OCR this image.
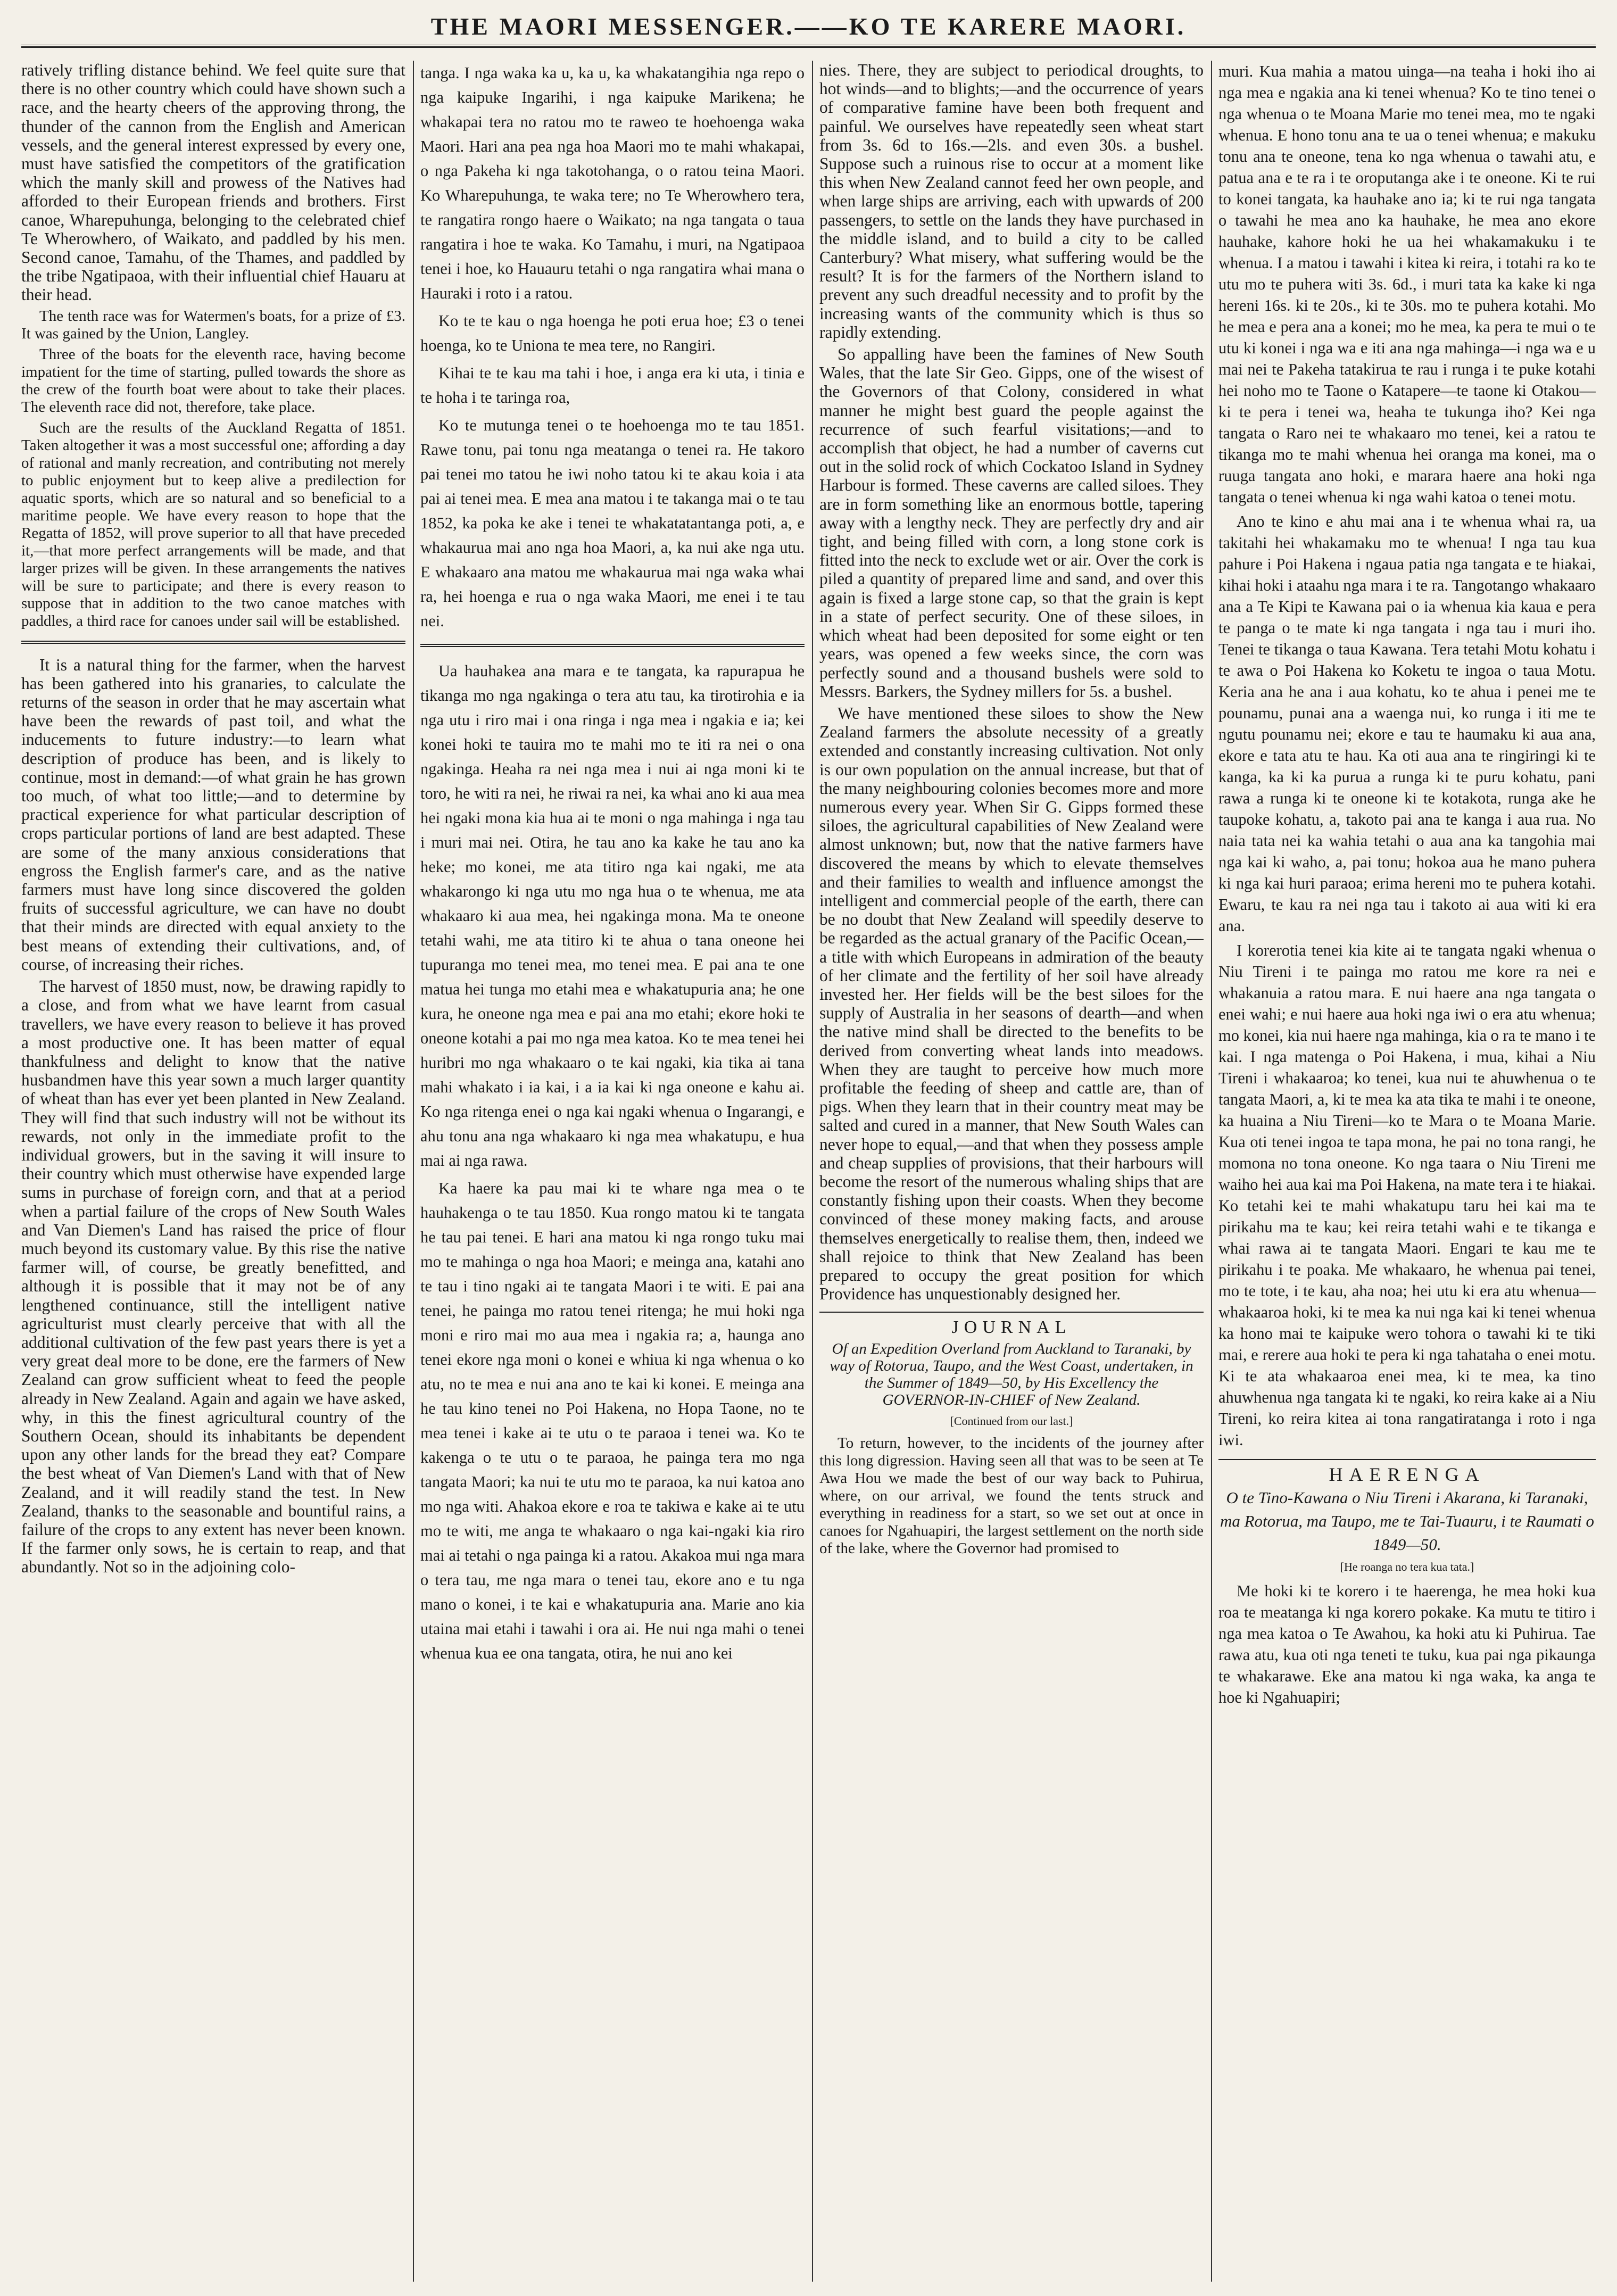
THE MAORI MESSENGER.——KO TE KARERE MAORI.

ratively trifling distance behind. We feel quite sure that there is no other country which could have shown such a race, and the hearty cheers of the approving throng, the thunder of the cannon from the English and American vessels, and the general interest expressed by every one, must have satisfied the competitors of the gratification which the manly skill and prowess of the Natives had afforded to their European friends and brothers. First canoe, Wharepuhunga, belonging to the celebrated chief Te Wherowhero, of Waikato, and paddled by his men. Second canoe, Tamahu, of the Thames, and paddled by the tribe Ngatipaoa, with their influential chief Hauaru at their head.

The tenth race was for Watermen's boats, for a prize of £3. It was gained by the Union, Langley.

Three of the boats for the eleventh race, having become impatient for the time of starting, pulled towards the shore as the crew of the fourth boat were about to take their places. The eleventh race did not, therefore, take place.

Such are the results of the Auckland Regatta of 1851. Taken altogether it was a most successful one; affording a day of rational and manly recreation, and contributing not merely to public enjoyment but to keep alive a predilection for aquatic sports, which are so natural and so beneficial to a maritime people. We have every reason to hope that the Regatta of 1852, will prove superior to all that have preceded it,—that more perfect arrangements will be made, and that larger prizes will be given. In these arrangements the natives will be sure to participate; and there is every reason to suppose that in addition to the two canoe matches with paddles, a third race for canoes under sail will be established.

It is a natural thing for the farmer, when the harvest has been gathered into his granaries, to calculate the returns of the season in order that he may ascertain what have been the rewards of past toil, and what the inducements to future industry:—to learn what description of produce has been, and is likely to continue, most in demand:—of what grain he has grown too much, of what too little;—and to determine by practical experience for what particular description of crops particular portions of land are best adapted. These are some of the many anxious considerations that engross the English farmer's care, and as the native farmers must have long since discovered the golden fruits of successful agriculture, we can have no doubt that their minds are directed with equal anxiety to the best means of extending their cultivations, and, of course, of increasing their riches.

The harvest of 1850 must, now, be drawing rapidly to a close, and from what we have learnt from casual travellers, we have every reason to believe it has proved a most productive one. It has been matter of equal thankfulness and delight to know that the native husbandmen have this year sown a much larger quantity of wheat than has ever yet been planted in New Zealand. They will find that such industry will not be without its rewards, not only in the immediate profit to the individual growers, but in the saving it will insure to their country which must otherwise have expended large sums in purchase of foreign corn, and that at a period when a partial failure of the crops of New South Wales and Van Diemen's Land has raised the price of flour much beyond its customary value. By this rise the native farmer will, of course, be greatly benefitted, and although it is possible that it may not be of any lengthened continuance, still the intelligent native agriculturist must clearly perceive that with all the additional cultivation of the few past years there is yet a very great deal more to be done, ere the farmers of New Zealand can grow sufficient wheat to feed the people already in New Zealand. Again and again we have asked, why, in this the finest agricultural country of the Southern Ocean, should its inhabitants be dependent upon any other lands for the bread they eat? Compare the best wheat of Van Diemen's Land with that of New Zealand, and it will readily stand the test. In New Zealand, thanks to the seasonable and bountiful rains, a failure of the crops to any extent has never been known. If the farmer only sows, he is certain to reap, and that abundantly. Not so in the adjoining colo-

tanga. I nga waka ka u, ka u, ka whakatangihia nga repo o nga kaipuke Ingarihi, i nga kaipuke Marikena; he whakapai tera no ratou mo te raweo te hoehoenga waka Maori. Hari ana pea nga hoa Maori mo te mahi whakapai, o nga Pakeha ki nga takotohanga, o o ratou teina Maori. Ko Wharepuhunga, te waka tere; no Te Wherowhero tera, te rangatira rongo haere o Waikato; na nga tangata o taua rangatira i hoe te waka. Ko Tamahu, i muri, na Ngatipaoa tenei i hoe, ko Hauauru tetahi o nga rangatira whai mana o Hauraki i roto i a ratou.

Ko te te kau o nga hoenga he poti erua hoe; £3 o tenei hoenga, ko te Uniona te mea tere, no Rangiri.

Kihai te te kau ma tahi i hoe, i anga era ki uta, i tinia e te hoha i te taringa roa,

Ko te mutunga tenei o te hoehoenga mo te tau 1851. Rawe tonu, pai tonu nga meatanga o tenei ra. He takoro pai tenei mo tatou he iwi noho tatou ki te akau koia i ata pai ai tenei mea. E mea ana matou i te takanga mai o te tau 1852, ka poka ke ake i tenei te whakatatantanga poti, a, e whakaurua mai ano nga hoa Maori, a, ka nui ake nga utu. E whakaaro ana matou me whakaurua mai nga waka whai ra, hei hoenga e rua o nga waka Maori, me enei i te tau nei.

Ua hauhakea ana mara e te tangata, ka rapurapua he tikanga mo nga ngakinga o tera atu tau, ka tirotirohia e ia nga utu i riro mai i ona ringa i nga mea i ngakia e ia; kei konei hoki te tauira mo te mahi mo te iti ra nei o ona ngakinga. Heaha ra nei nga mea i nui ai nga moni ki te toro, he witi ra nei, he riwai ra nei, ka whai ano ki aua mea hei ngaki mona kia hua ai te moni o nga mahinga i nga tau i muri mai nei. Otira, he tau ano ka kake he tau ano ka heke; mo konei, me ata titiro nga kai ngaki, me ata whakarongo ki nga utu mo nga hua o te whenua, me ata whakaaro ki aua mea, hei ngakinga mona. Ma te oneone tetahi wahi, me ata titiro ki te ahua o tana oneone hei tupuranga mo tenei mea, mo tenei mea. E pai ana te one matua hei tunga mo etahi mea e whakatupuria ana; he one kura, he oneone nga mea e pai ana mo etahi; ekore hoki te oneone kotahi a pai mo nga mea katoa. Ko te mea tenei hei huribri mo nga whakaaro o te kai ngaki, kia tika ai tana mahi whakato i ia kai, i a ia kai ki nga oneone e kahu ai. Ko nga ritenga enei o nga kai ngaki whenua o Ingarangi, e ahu tonu ana nga whakaaro ki nga mea whakatupu, e hua mai ai nga rawa.

Ka haere ka pau mai ki te whare nga mea o te hauhakenga o te tau 1850. Kua rongo matou ki te tangata he tau pai tenei. E hari ana matou ki nga rongo tuku mai mo te mahinga o nga hoa Maori; e meinga ana, katahi ano te tau i tino ngaki ai te tangata Maori i te witi. E pai ana tenei, he painga mo ratou tenei ritenga; he mui hoki nga moni e riro mai mo aua mea i ngakia ra; a, haunga ano tenei ekore nga moni o konei e whiua ki nga whenua o ko atu, no te mea e nui ana ano te kai ki konei. E meinga ana he tau kino tenei no Poi Hakena, no Hopa Taone, no te mea tenei i kake ai te utu o te paraoa i tenei wa. Ko te kakenga o te utu o te paraoa, he painga tera mo nga tangata Maori; ka nui te utu mo te paraoa, ka nui katoa ano mo nga witi. Ahakoa ekore e roa te takiwa e kake ai te utu mo te witi, me anga te whakaaro o nga kai-ngaki kia riro mai ai tetahi o nga painga ki a ratou. Akakoa mui nga mara o tera tau, me nga mara o tenei tau, ekore ano e tu nga mano o konei, i te kai e whakatupuria ana. Marie ano kia utaina mai etahi i tawahi i ora ai. He nui nga mahi o tenei whenua kua ee ona tangata, otira, he nui ano kei

nies. There, they are subject to periodical droughts, to hot winds—and to blights;—and the occurrence of years of comparative famine have been both frequent and painful. We ourselves have repeatedly seen wheat start from 3s. 6d to 16s.—2ls. and even 30s. a bushel. Suppose such a ruinous rise to occur at a moment like this when New Zealand cannot feed her own people, and when large ships are arriving, each with upwards of 200 passengers, to settle on the lands they have purchased in the middle island, and to build a city to be called Canterbury? What misery, what suffering would be the result? It is for the farmers of the Northern island to prevent any such dreadful necessity and to profit by the increasing wants of the community which is thus so rapidly extending.

So appalling have been the famines of New South Wales, that the late Sir Geo. Gipps, one of the wisest of the Governors of that Colony, considered in what manner he might best guard the people against the recurrence of such fearful visitations;—and to accomplish that object, he had a number of caverns cut out in the solid rock of which Cockatoo Island in Sydney Harbour is formed. These caverns are called siloes. They are in form something like an enormous bottle, tapering away with a lengthy neck. They are perfectly dry and air tight, and being filled with corn, a long stone cork is fitted into the neck to exclude wet or air. Over the cork is piled a quantity of prepared lime and sand, and over this again is fixed a large stone cap, so that the grain is kept in a state of perfect security. One of these siloes, in which wheat had been deposited for some eight or ten years, was opened a few weeks since, the corn was perfectly sound and a thousand bushels were sold to Messrs. Barkers, the Sydney millers for 5s. a bushel.

We have mentioned these siloes to show the New Zealand farmers the absolute necessity of a greatly extended and constantly increasing cultivation. Not only is our own population on the annual increase, but that of the many neighbouring colonies becomes more and more numerous every year. When Sir G. Gipps formed these siloes, the agricultural capabilities of New Zealand were almost unknown; but, now that the native farmers have discovered the means by which to elevate themselves and their families to wealth and influence amongst the intelligent and commercial people of the earth, there can be no doubt that New Zealand will speedily deserve to be regarded as the actual granary of the Pacific Ocean,—a title with which Europeans in admiration of the beauty of her climate and the fertility of her soil have already invested her. Her fields will be the best siloes for the supply of Australia in her seasons of dearth—and when the native mind shall be directed to the benefits to be derived from converting wheat lands into meadows. When they are taught to perceive how much more profitable the feeding of sheep and cattle are, than of pigs. When they learn that in their country meat may be salted and cured in a manner, that New South Wales can never hope to equal,—and that when they possess ample and cheap supplies of provisions, that their harbours will become the resort of the numerous whaling ships that are constantly fishing upon their coasts. When they become convinced of these money making facts, and arouse themselves energetically to realise them, then, indeed we shall rejoice to think that New Zealand has been prepared to occupy the great position for which Providence has unquestionably designed her.

JOURNAL

Of an Expedition Overland from Auckland to Taranaki, by way of Rotorua, Taupo, and the West Coast, undertaken, in the Summer of 1849—50, by His Excellency the GOVERNOR-IN-CHIEF of New Zealand.

[Continued from our last.]

To return, however, to the incidents of the journey after this long digression. Having seen all that was to be seen at Te Awa Hou we made the best of our way back to Puhirua, where, on our arrival, we found the tents struck and everything in readiness for a start, so we set out at once in canoes for Ngahuapiri, the largest settlement on the north side of the lake, where the Governor had promised to

muri. Kua mahia a matou uinga—na teaha i hoki iho ai nga mea e ngakia ana ki tenei whenua? Ko te tino tenei o nga whenua o te Moana Marie mo tenei mea, mo te ngaki whenua. E hono tonu ana te ua o tenei whenua; e makuku tonu ana te oneone, tena ko nga whenua o tawahi atu, e patua ana e te ra i te oroputanga ake i te oneone. Ki te rui to konei tangata, ka hauhake ano ia; ki te rui nga tangata o tawahi he mea ano ka hauhake, he mea ano ekore hauhake, kahore hoki he ua hei whakamakuku i te whenua. I a matou i tawahi i kitea ki reira, i totahi ra ko te utu mo te puhera witi 3s. 6d., i muri tata ka kake ki nga hereni 16s. ki te 20s., ki te 30s. mo te puhera kotahi. Mo he mea e pera ana a konei; mo he mea, ka pera te mui o te utu ki konei i nga wa e iti ana nga mahinga—i nga wa e u mai nei te Pakeha tatakirua te rau i runga i te puke kotahi hei noho mo te Taone o Katapere—te taone ki Otakou—ki te pera i tenei wa, heaha te tukunga iho? Kei nga tangata o Raro nei te whakaaro mo tenei, kei a ratou te tikanga mo te mahi whenua hei oranga ma konei, ma o ruuga tangata ano hoki, e marara haere ana hoki nga tangata o tenei whenua ki nga wahi katoa o tenei motu.

Ano te kino e ahu mai ana i te whenua whai ra, ua takitahi hei whakamaku mo te whenua! I nga tau kua pahure i Poi Hakena i ngaua patia nga tangata e te hiakai, kihai hoki i ataahu nga mara i te ra. Tangotango whakaaro ana a Te Kipi te Kawana pai o ia whenua kia kaua e pera te panga o te mate ki nga tangata i nga tau i muri iho. Tenei te tikanga o taua Kawana. Tera tetahi Motu kohatu i te awa o Poi Hakena ko Koketu te ingoa o taua Motu. Keria ana he ana i aua kohatu, ko te ahua i penei me te pounamu, punai ana a waenga nui, ko runga i iti me te ngutu pounamu nei; ekore e tau te haumaku ki aua ana, ekore e tata atu te hau. Ka oti aua ana te ringiringi ki te kanga, ka ki ka purua a runga ki te puru kohatu, pani rawa a runga ki te oneone ki te kotakota, runga ake he taupoke kohatu, a, takoto pai ana te kanga i aua rua. No naia tata nei ka wahia tetahi o aua ana ka tangohia mai nga kai ki waho, a, pai tonu; hokoa aua he mano puhera ki nga kai huri paraoa; erima hereni mo te puhera kotahi. Ewaru, te kau ra nei nga tau i takoto ai aua witi ki era ana.

I korerotia tenei kia kite ai te tangata ngaki whenua o Niu Tireni i te painga mo ratou me kore ra nei e whakanuia a ratou mara. E nui haere ana nga tangata o enei wahi; e nui haere aua hoki nga iwi o era atu whenua; mo konei, kia nui haere nga mahinga, kia o ra te mano i te kai. I nga matenga o Poi Hakena, i mua, kihai a Niu Tireni i whakaaroa; ko tenei, kua nui te ahuwhenua o te tangata Maori, a, ki te mea ka ata tika te mahi i te oneone, ka huaina a Niu Tireni—ko te Mara o te Moana Marie. Kua oti tenei ingoa te tapa mona, he pai no tona rangi, he momona no tona oneone. Ko nga taara o Niu Tireni me waiho hei aua kai ma Poi Hakena, na mate tera i te hiakai. Ko tetahi kei te mahi whakatupu taru hei kai ma te pirikahu ma te kau; kei reira tetahi wahi e te tikanga e whai rawa ai te tangata Maori. Engari te kau me te pirikahu i te poaka. Me whakaaro, he whenua pai tenei, mo te tote, i te kau, aha noa; hei utu ki era atu whenua—whakaaroa hoki, ki te mea ka nui nga kai ki tenei whenua ka hono mai te kaipuke wero tohora o tawahi ki te tiki mai, e rerere aua hoki te pera ki nga tahataha o enei motu. Ki te ata whakaaroa enei mea, ki te mea, ka tino ahuwhenua nga tangata ki te ngaki, ko reira kake ai a Niu Tireni, ko reira kitea ai tona rangatiratanga i roto i nga iwi.

HAERENGA

O te Tino-Kawana o Niu Tireni i Akarana, ki Taranaki, ma Rotorua, ma Taupo, me te Tai-Tuauru, i te Raumati o 1849—50.

[He roanga no tera kua tata.]

Me hoki ki te korero i te haerenga, he mea hoki kua roa te meatanga ki nga korero pokake. Ka mutu te titiro i nga mea katoa o Te Awahou, ka hoki atu ki Puhirua. Tae rawa atu, kua oti nga teneti te tuku, kua pai nga pikaunga te whakarawe. Eke ana matou ki nga waka, ka anga te hoe ki Ngahuapiri;
